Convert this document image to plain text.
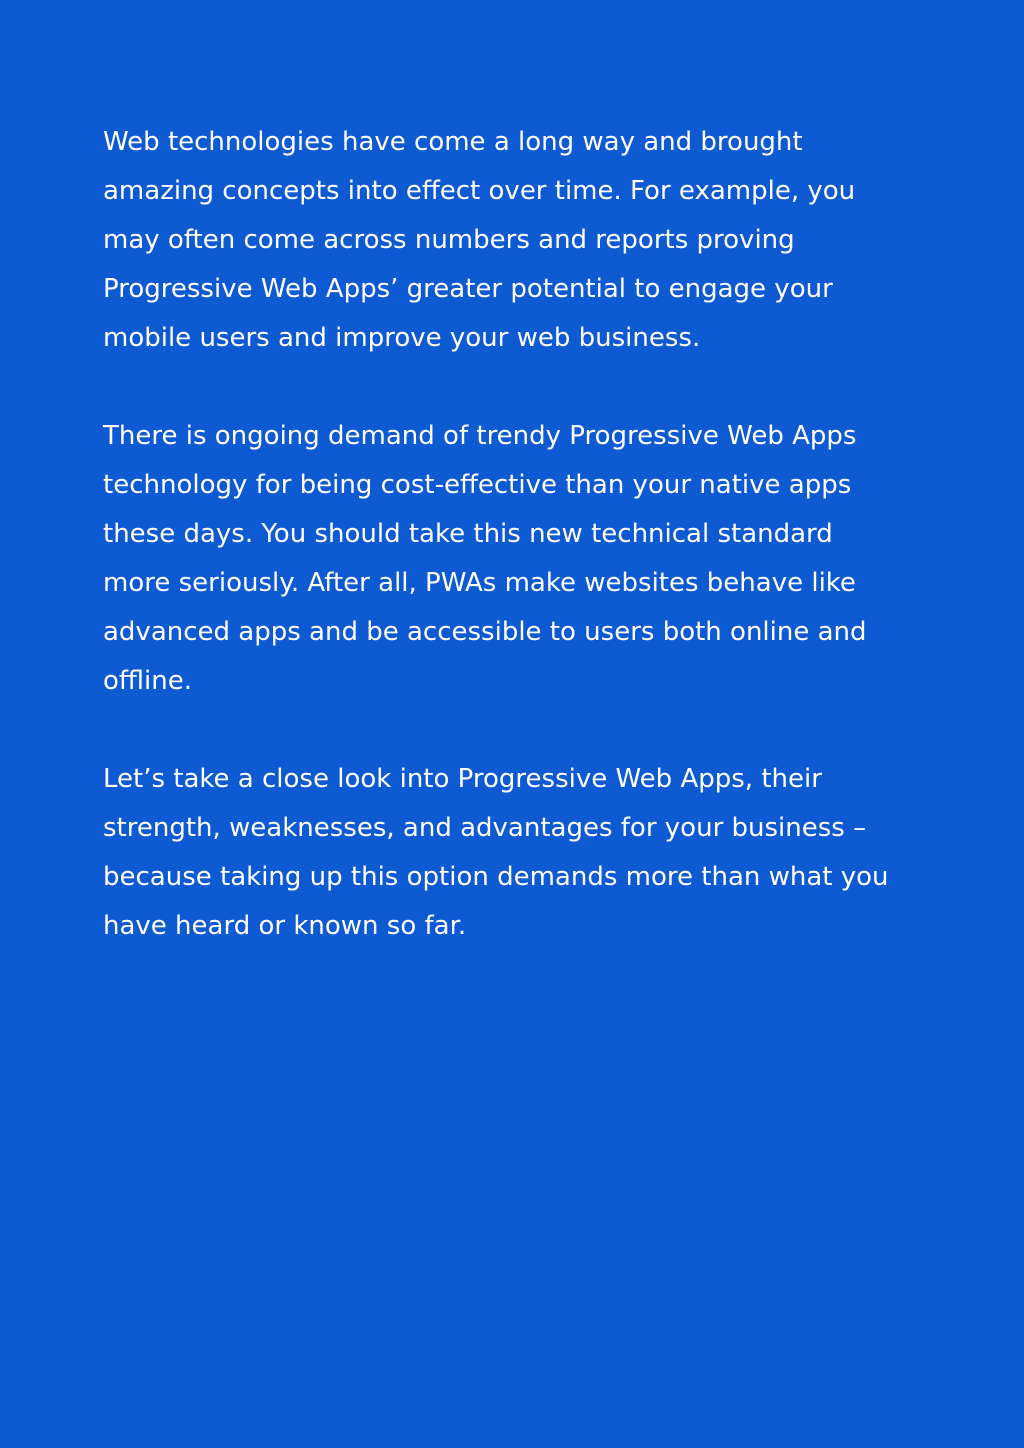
Web technologies have come a long way and brought
amazing concepts into effect over time. For example, you
may often come across numbers and reports proving
Progressive Web Apps’ greater potential to engage your
mobile users and improve your web business.

There is ongoing demand of trendy Progressive Web Apps
technology for being cost-effective than your native apps
these days. You should take this new technical standard
more seriously. After all, PWAs make websites behave like
advanced apps and be accessible to users both online and
offline.

Let’s take a close look into Progressive Web Apps, their
strength, weaknesses, and advantages for your business –
because taking up this option demands more than what you
have heard or known so far.
